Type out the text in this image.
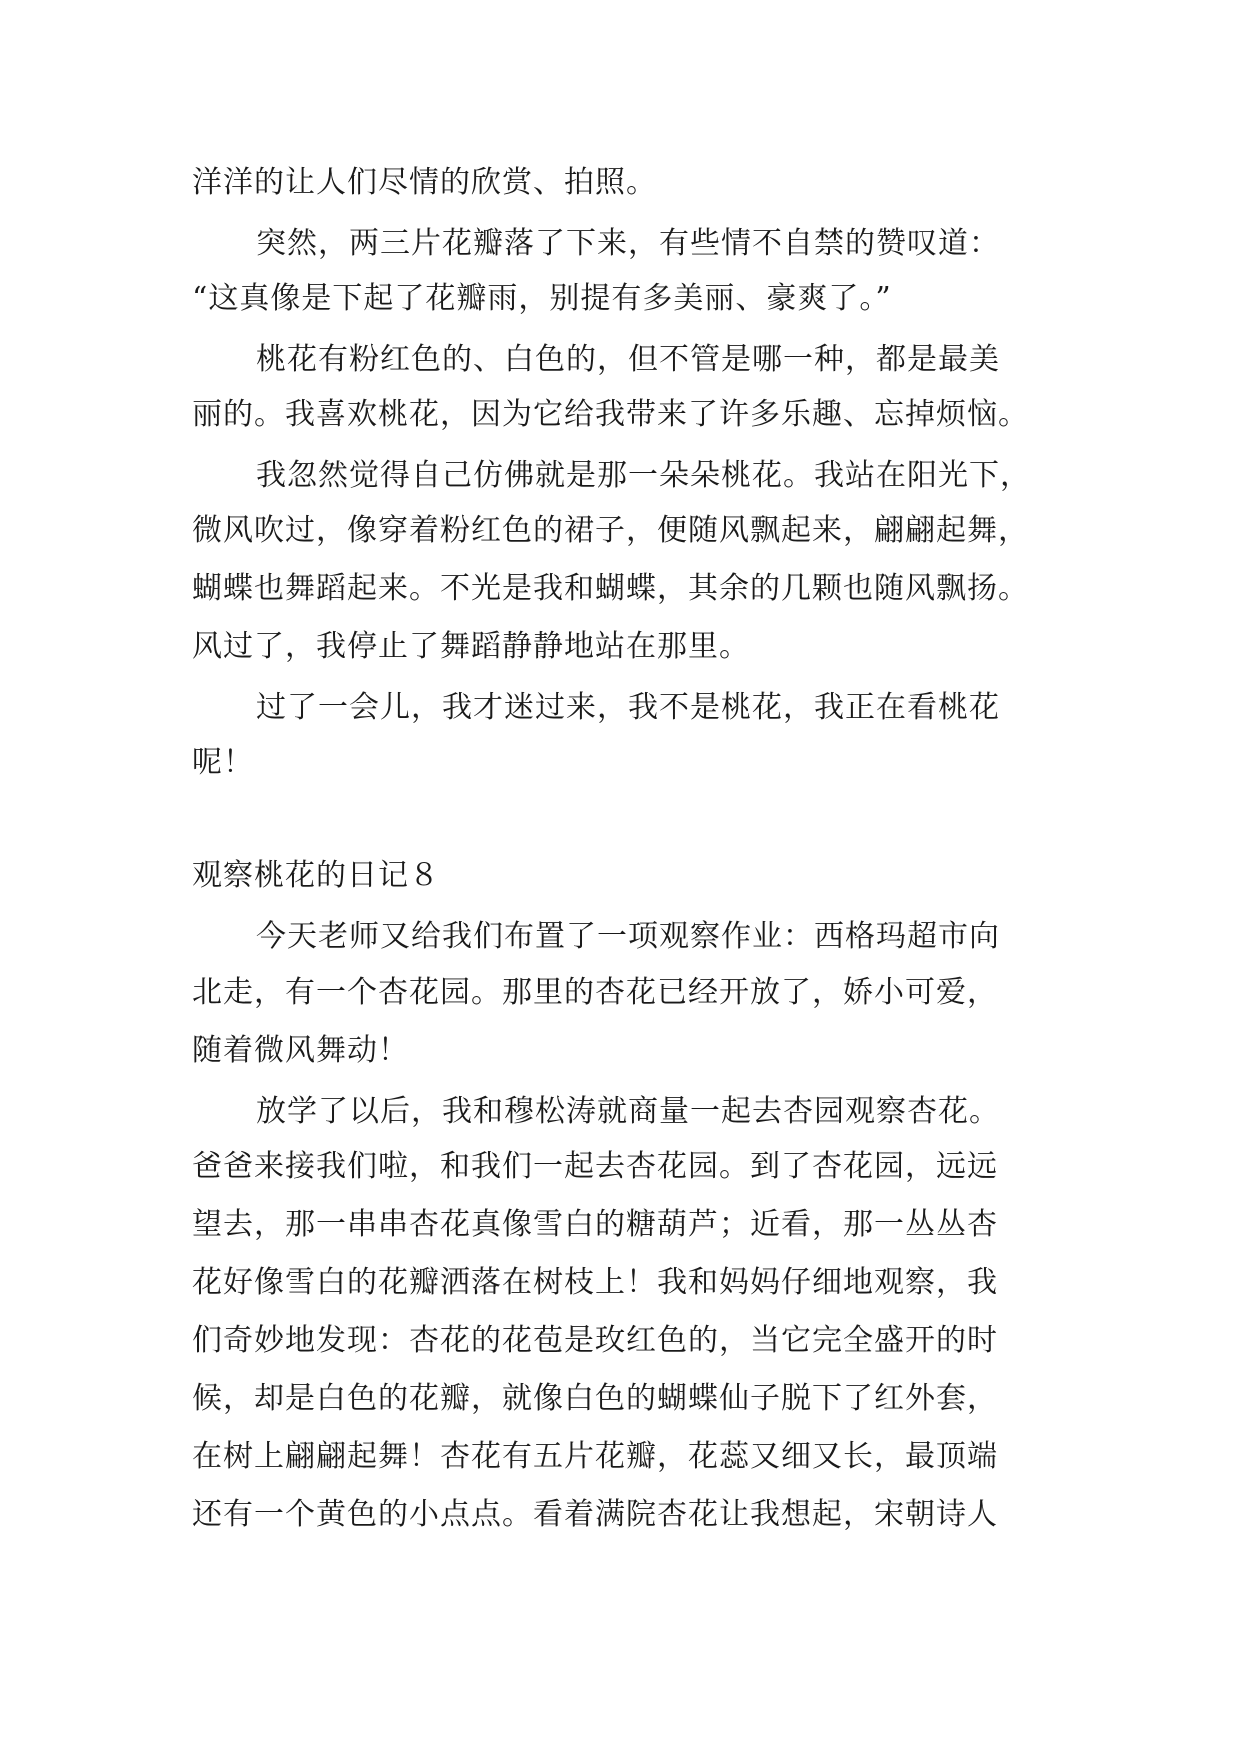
洋洋的让人们尽情的欣赏、拍照。

突然，两三片花瓣落了下来，有些情不自禁的赞叹道：

“这真像是下起了花瓣雨，别提有多美丽、豪爽了。”

桃花有粉红色的、白色的，但不管是哪一种，都是最美

丽的。我喜欢桃花，因为它给我带来了许多乐趣、忘掉烦恼。

我忽然觉得自己仿佛就是那一朵朵桃花。我站在阳光下，

微风吹过，像穿着粉红色的裙子，便随风飘起来，翩翩起舞，

蝴蝶也舞蹈起来。不光是我和蝴蝶，其余的几颗也随风飘扬。

风过了，我停止了舞蹈静静地站在那里。

过了一会儿，我才迷过来，我不是桃花，我正在看桃花

呢！

观察桃花的日记８

今天老师又给我们布置了一项观察作业：西格玛超市向

北走，有一个杏花园。那里的杏花已经开放了，娇小可爱，

随着微风舞动！

放学了以后，我和穆松涛就商量一起去杏园观察杏花。

爸爸来接我们啦，和我们一起去杏花园。到了杏花园，远远

望去，那一串串杏花真像雪白的糖葫芦；近看，那一丛丛杏

花好像雪白的花瓣洒落在树枝上！我和妈妈仔细地观察，我

们奇妙地发现：杏花的花苞是玫红色的，当它完全盛开的时

候，却是白色的花瓣，就像白色的蝴蝶仙子脱下了红外套，

在树上翩翩起舞！杏花有五片花瓣，花蕊又细又长，最顶端

还有一个黄色的小点点。看着满院杏花让我想起，宋朝诗人
